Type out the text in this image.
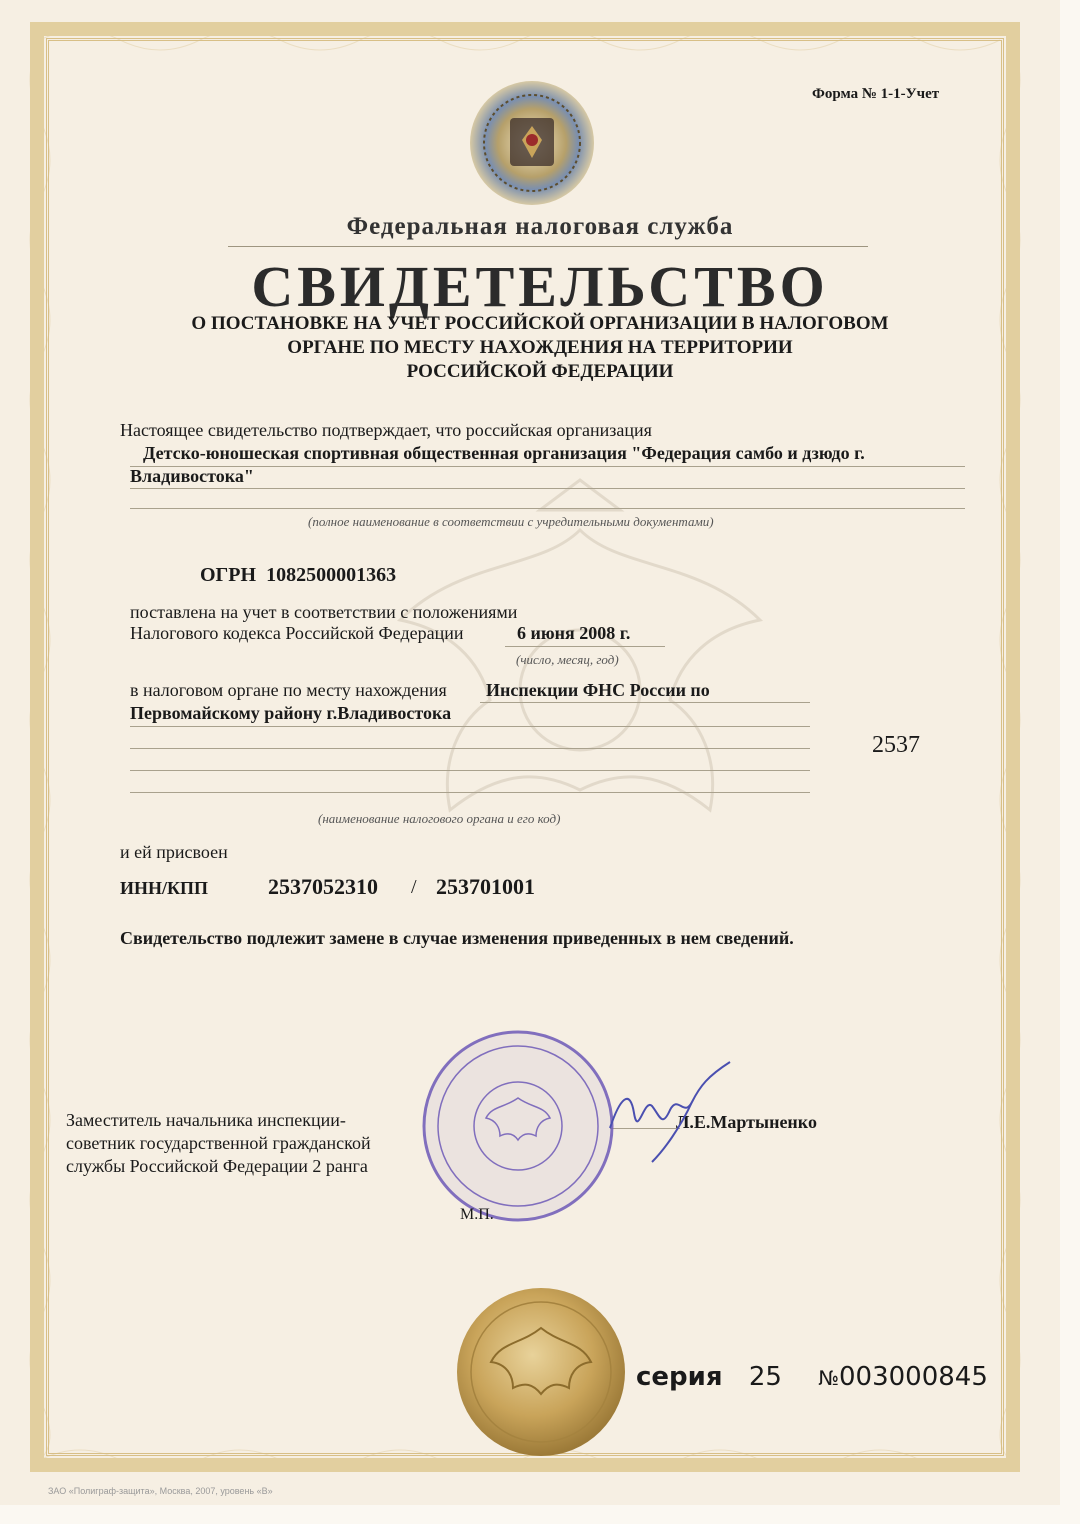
Форма № 1-1-Учет
Федеральная налоговая служба
СВИДЕТЕЛЬСТВО
О ПОСТАНОВКЕ НА УЧЕТ РОССИЙСКОЙ ОРГАНИЗАЦИИ В НАЛОГОВОМ
ОРГАНЕ ПО МЕСТУ НАХОЖДЕНИЯ НА ТЕРРИТОРИИ
РОССИЙСКОЙ ФЕДЕРАЦИИ
Настоящее свидетельство подтверждает, что российская организация
Детско-юношеская спортивная общественная организация "Федерация самбо и дзюдо г.
Владивостока"
(полное наименование в соответствии с учредительными документами)
ОГРН 1082500001363
поставлена на учет в соответствии с положениями
Налогового кодекса Российской Федерации	6 июня 2008 г.
(число, месяц, год)
в налоговом органе по месту нахождения Инспекции ФНС России по
Первомайскому району г.Владивостока
2537
(наименование налогового органа и его код)
и ей присвоен
ИНН/КПП	2537052310 / 253701001
Свидетельство подлежит замене в случае изменения приведенных в нем сведений.
Заместитель начальника инспекции-
советник государственной гражданской
службы Российской Федерации 2 ранга
Л.Е.Мартыненко
М.П.
серия 25 №003000845
ЗАО «Полиграф-защита», Москва, 2007, уровень «В»
